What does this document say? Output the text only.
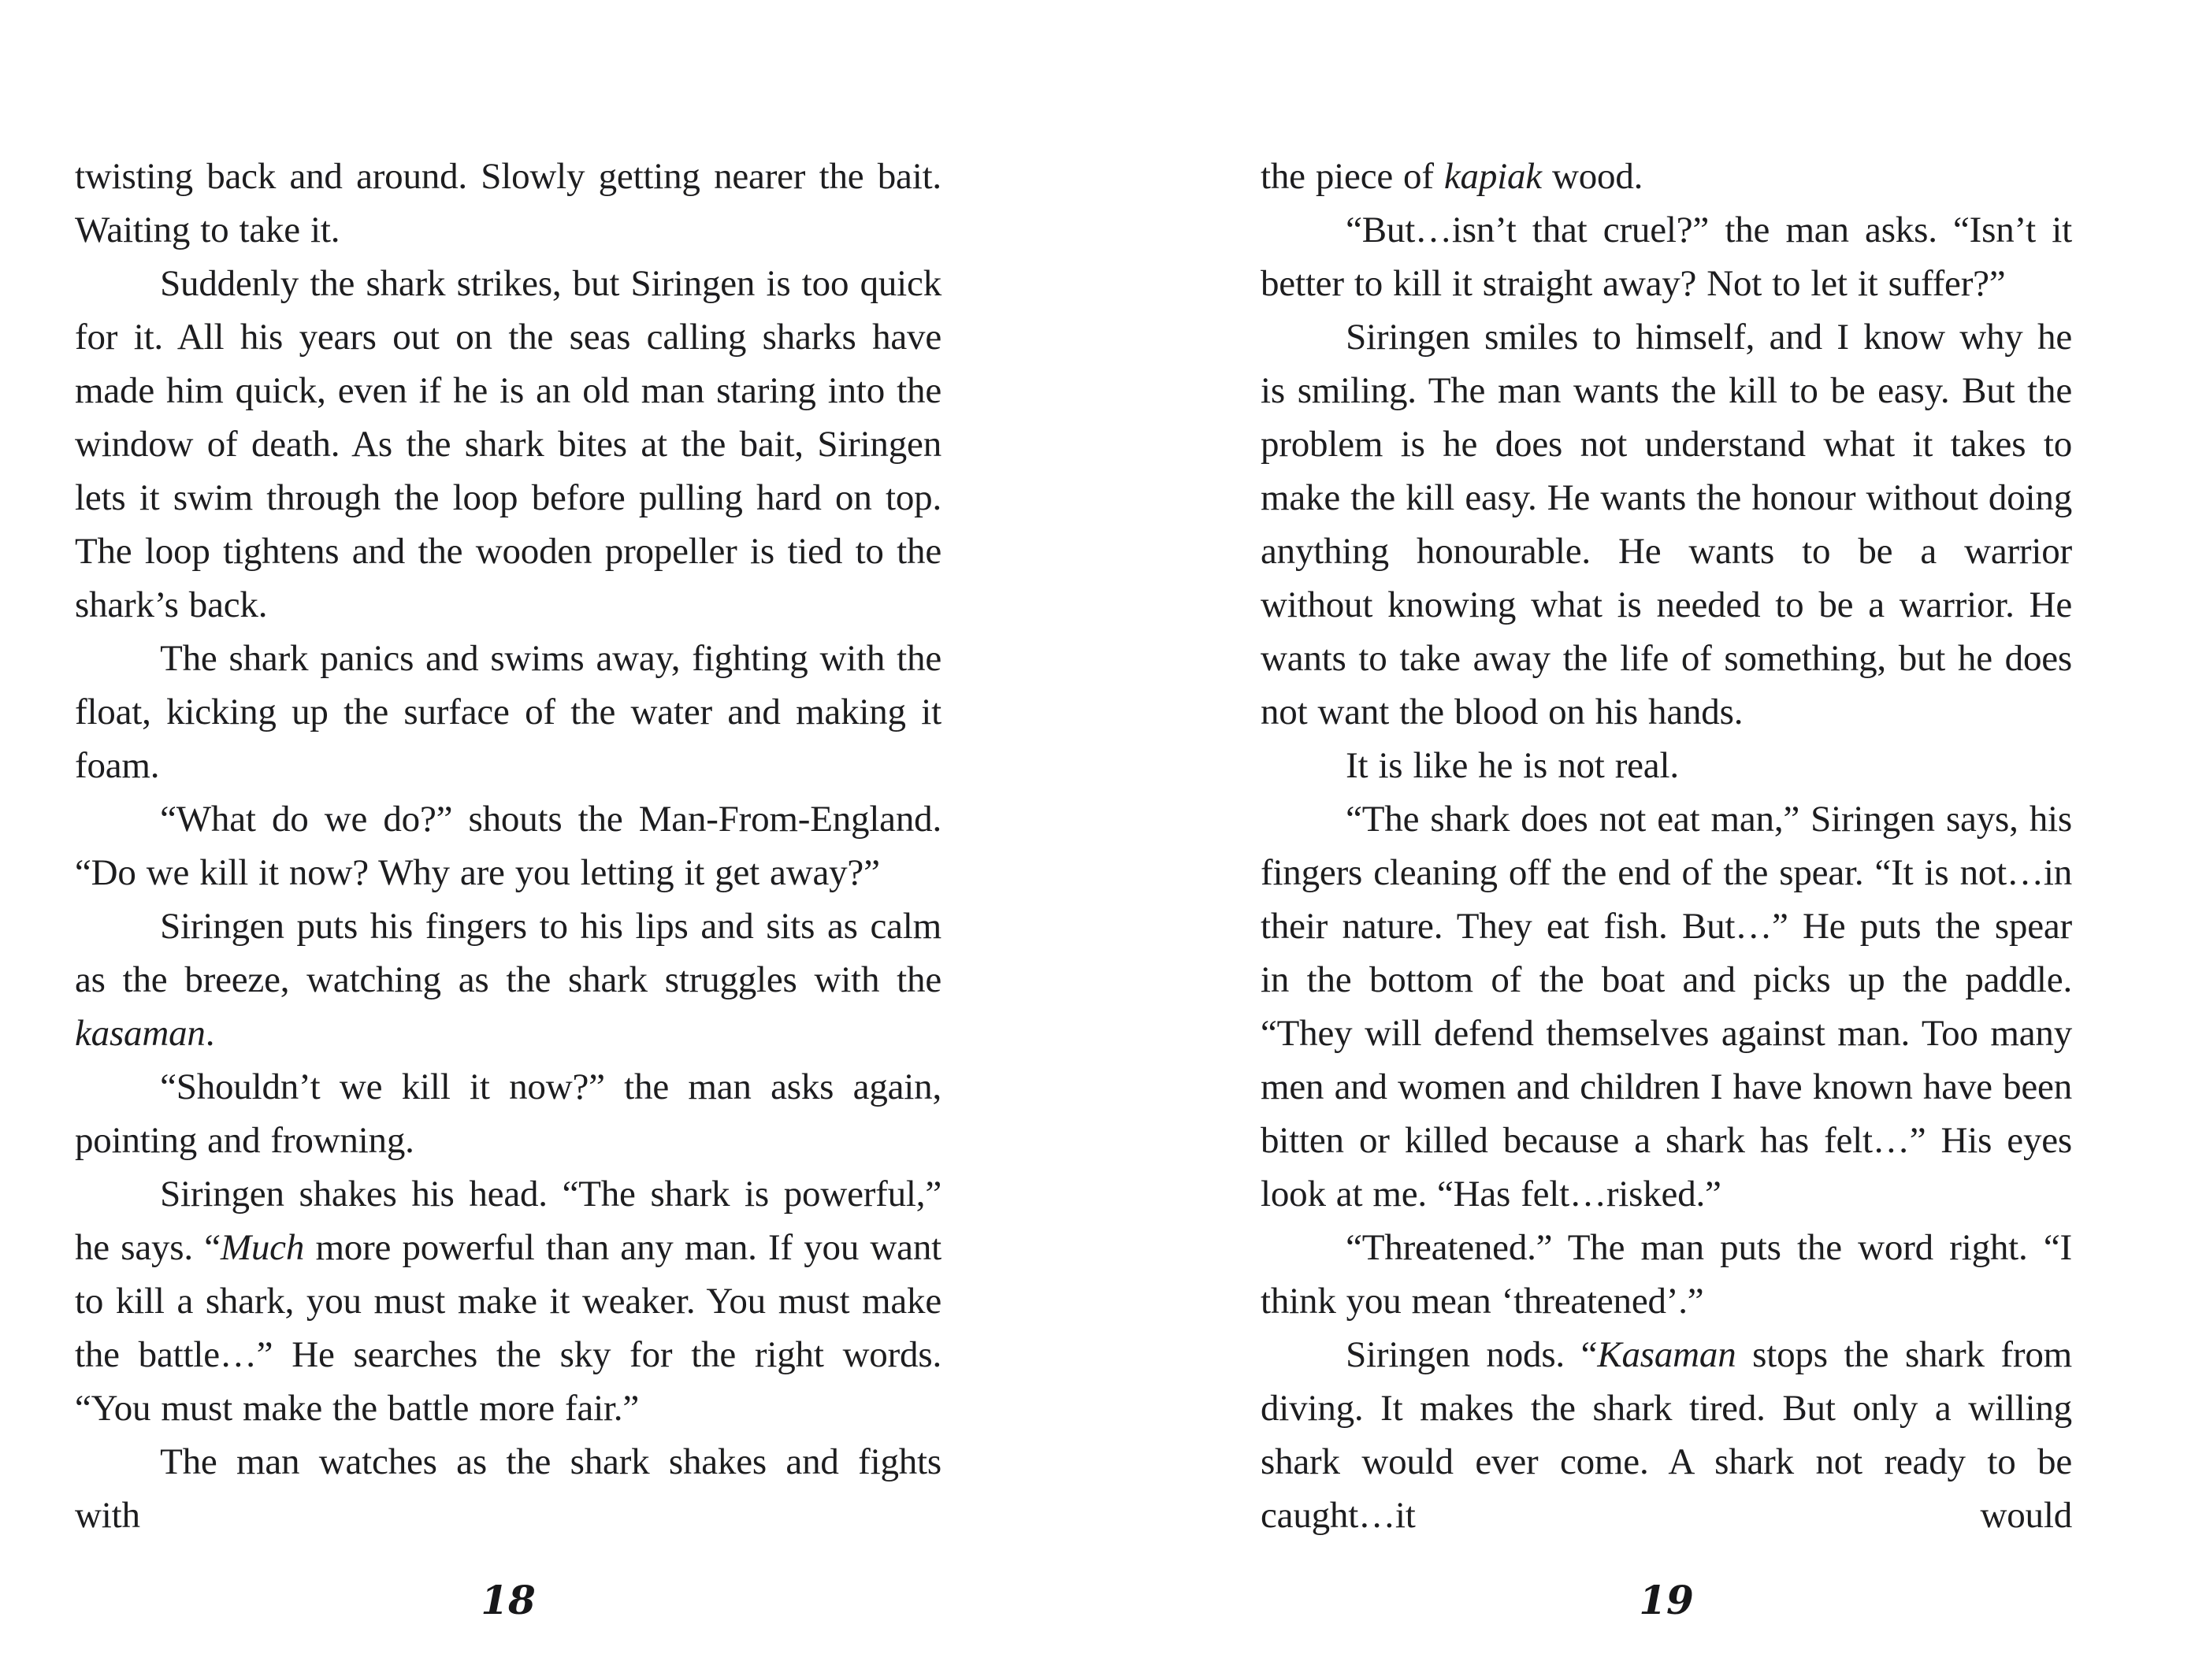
twisting back and around. Slowly getting nearer the bait. Waiting to take it.

Suddenly the shark strikes, but Siringen is too quick for it. All his years out on the seas calling sharks have made him quick, even if he is an old man staring into the window of death. As the shark bites at the bait, Siringen lets it swim through the loop before pulling hard on top. The loop tightens and the wooden propeller is tied to the shark’s back.

The shark panics and swims away, fighting with the float, kicking up the surface of the water and making it foam.

“What do we do?” shouts the Man-From-England. “Do we kill it now? Why are you letting it get away?”

Siringen puts his fingers to his lips and sits as calm as the breeze, watching as the shark struggles with the kasaman.

“Shouldn’t we kill it now?” the man asks again, pointing and frowning.

Siringen shakes his head. “The shark is powerful,” he says. “Much more powerful than any man. If you want to kill a shark, you must make it weaker. You must make the battle…” He searches the sky for the right words. “You must make the battle more fair.”

The man watches as the shark shakes and fights with

18

the piece of kapiak wood.

“But…isn’t that cruel?” the man asks. “Isn’t it better to kill it straight away? Not to let it suffer?”

Siringen smiles to himself, and I know why he is smiling. The man wants the kill to be easy. But the problem is he does not understand what it takes to make the kill easy. He wants the honour without doing anything honourable. He wants to be a warrior without knowing what is needed to be a warrior. He wants to take away the life of something, but he does not want the blood on his hands.

It is like he is not real.

“The shark does not eat man,” Siringen says, his fingers cleaning off the end of the spear. “It is not…in their nature. They eat fish. But…” He puts the spear in the bottom of the boat and picks up the paddle. “They will defend themselves against man. Too many men and women and children I have known have been bitten or killed because a shark has felt…” His eyes look at me. “Has felt…risked.”

“Threatened.” The man puts the word right. “I think you mean ‘threatened’.”

Siringen nods. “Kasaman stops the shark from diving. It makes the shark tired. But only a willing shark would ever come. A shark not ready to be caught…it would

19
